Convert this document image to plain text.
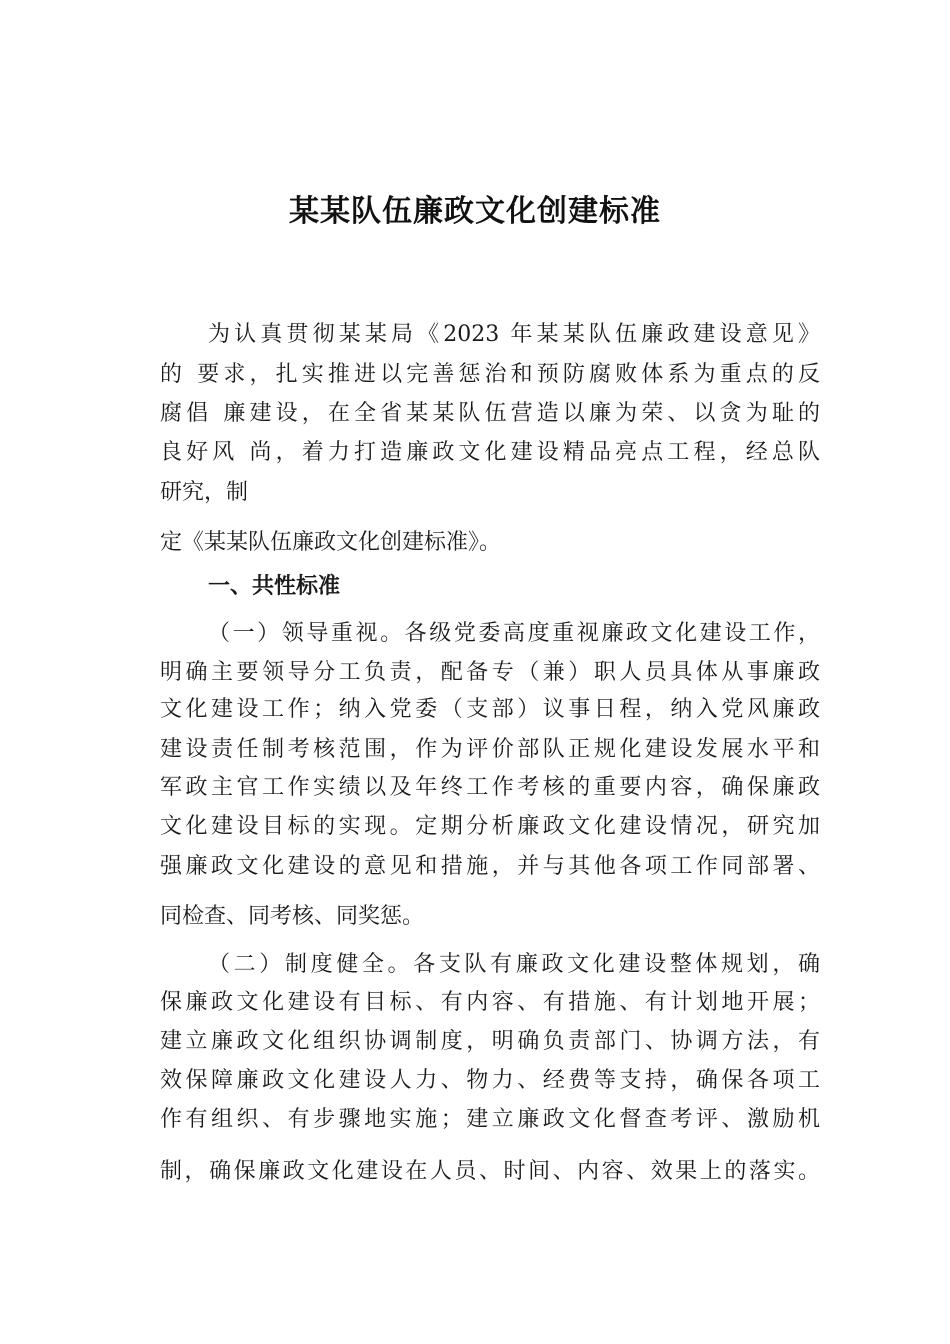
某某队伍廉政文化创建标准
为认真贯彻某某局《2023 年某某队伍廉政建设意见》
的 要求，扎实推进以完善惩治和预防腐败体系为重点的反
腐倡 廉建设，在全省某某队伍营造以廉为荣、以贪为耻的
良好风 尚，着力打造廉政文化建设精品亮点工程，经总队
研究，制
定《某某队伍廉政文化创建标准》。
一、共性标准
（一）领导重视。各级党委高度重视廉政文化建设工作，
明确主要领导分工负责，配备专（兼）职人员具体从事廉政
文化建设工作；纳入党委（支部）议事日程，纳入党风廉政
建设责任制考核范围，作为评价部队正规化建设发展水平和
军政主官工作实绩以及年终工作考核的重要内容，确保廉政
文化建设目标的实现。定期分析廉政文化建设情况，研究加
强廉政文化建设的意见和措施，并与其他各项工作同部署、
同检查、同考核、同奖惩。
（二）制度健全。各支队有廉政文化建设整体规划，确
保廉政文化建设有目标、有内容、有措施、有计划地开展；
建立廉政文化组织协调制度，明确负责部门、协调方法，有
效保障廉政文化建设人力、物力、经费等支持，确保各项工
作有组织、有步骤地实施；建立廉政文化督查考评、激励机
制，确保廉政文化建设在人员、时间、内容、效果上的落实。
